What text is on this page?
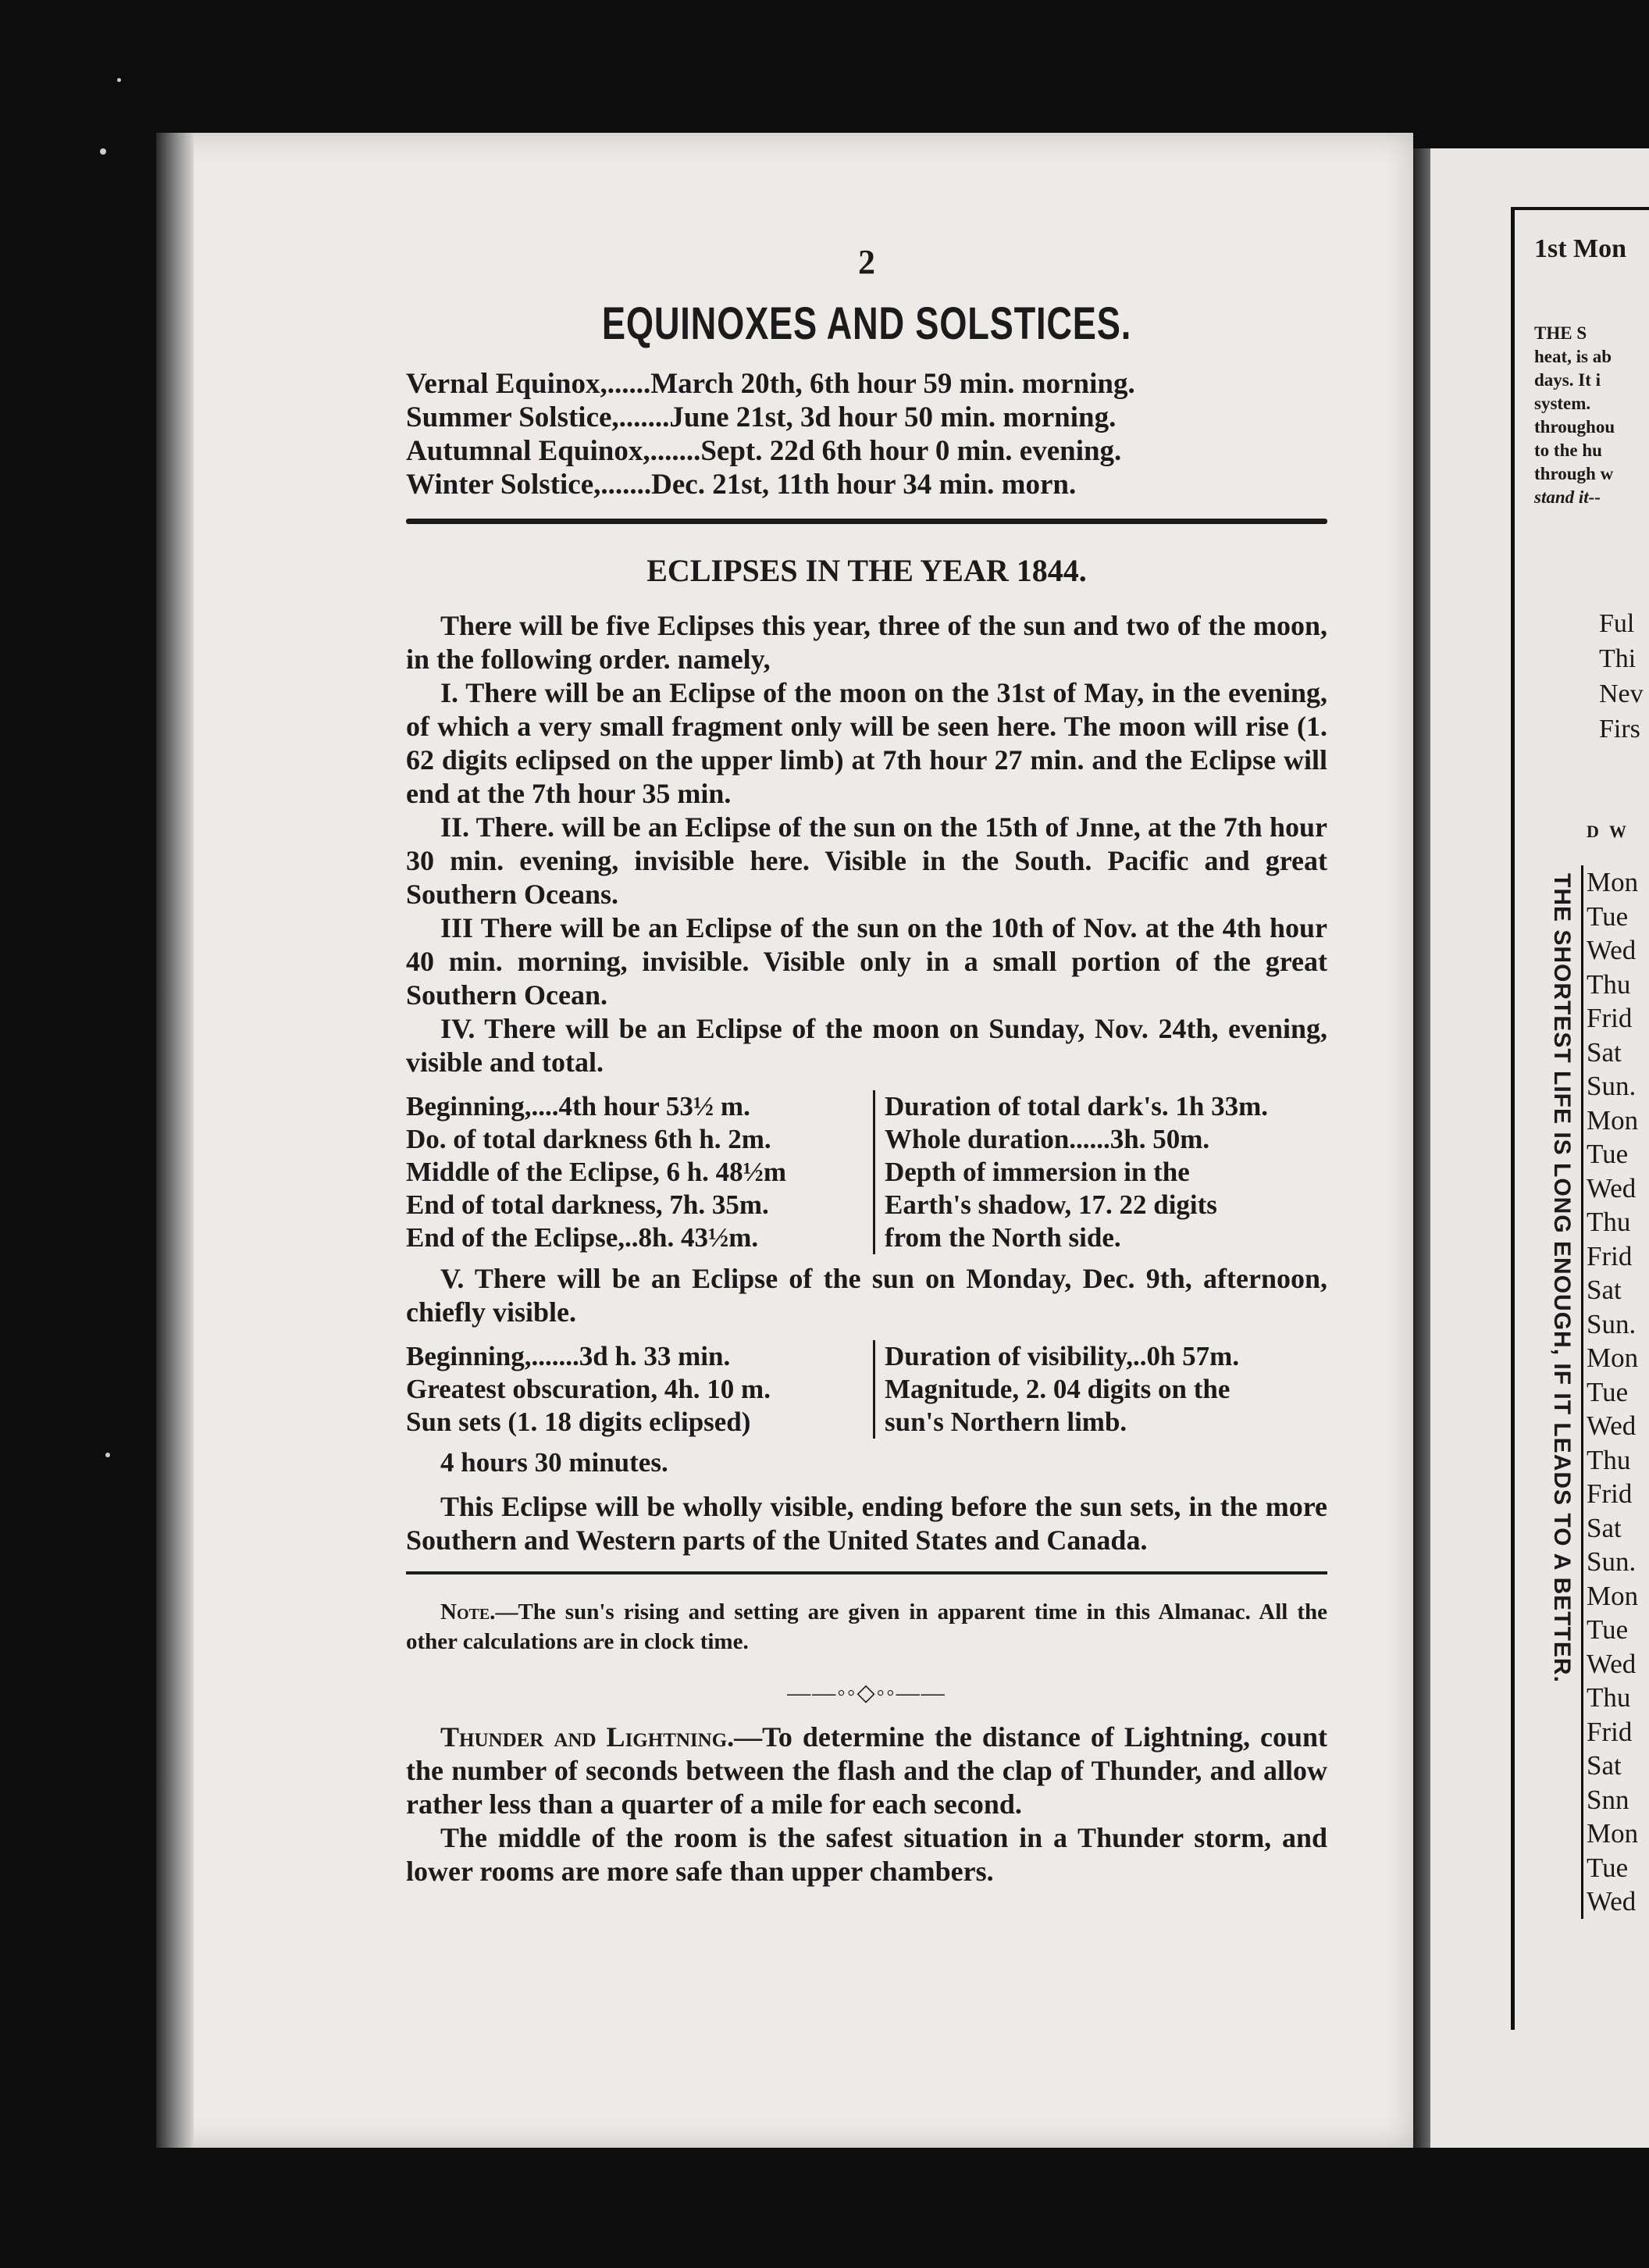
2
EQUINOXES AND SOLSTICES.
Vernal Equinox,......March 20th, 6th hour 59 min. morning.
Summer Solstice,.......June 21st, 3d hour 50 min. morning.
Autumnal Equinox,.......Sept. 22d 6th hour 0 min. evening.
Winter Solstice,.......Dec. 21st, 11th hour 34 min. morn.
ECLIPSES IN THE YEAR 1844.

There will be five Eclipses this year, three of the sun and two of the moon, in the following order. namely,

I. There will be an Eclipse of the moon on the 31st of May, in the evening, of which a very small fragment only will be seen here. The moon will rise (1. 62 digits eclipsed on the upper limb) at 7th hour 27 min. and the Eclipse will end at the 7th hour 35 min.

II. There. will be an Eclipse of the sun on the 15th of Jnne, at the 7th hour 30 min. evening, invisible here. Visible in the South. Pacific and great Southern Oceans.

III There will be an Eclipse of the sun on the 10th of Nov. at the 4th hour 40 min. morning, invisible. Visible only in a small portion of the great Southern Ocean.

IV. There will be an Eclipse of the moon on Sunday, Nov. 24th, evening, visible and total.

Beginning,....4th hour 53½ m.
Do. of total darkness 6th h. 2m.
Middle of the Eclipse, 6 h. 48½m
End of total darkness, 7h. 35m.
End of the Eclipse,..8h. 43½m.
Duration of total dark's. 1h 33m.
Whole duration......3h. 50m.
Depth of immersion in the
Earth's shadow, 17. 22 digits
from the North side.

V. There will be an Eclipse of the sun on Monday, Dec. 9th, afternoon, chiefly visible.

Beginning,.......3d h. 33 min.
Greatest obscuration, 4h. 10 m.
Sun sets (1. 18 digits eclipsed)
Duration of visibility,..0h 57m.
Magnitude, 2. 04 digits on the
sun's Northern limb.
4 hours 30 minutes.

This Eclipse will be wholly visible, ending before the sun sets, in the more Southern and Western parts of the United States and Canada.

Note.—The sun's rising and setting are given in apparent time in this Almanac. All the other calculations are in clock time.

——◦◦◇◦◦——

Thunder and Lightning.—To determine the distance of Lightning, count the number of seconds between the flash and the clap of Thunder, and allow rather less than a quarter of a mile for each second.

The middle of the room is the safest situation in a Thunder storm, and lower rooms are more safe than upper chambers.

1st Mon
THE S
heat, is ab
days. It i
system.
throughou
to the hu
through w
stand it--
Ful
Thi
Nev
Firs
D W
THE SHORTEST LIFE IS LONG ENOUGH, IF IT LEADS TO A BETTER. Mon
Tue
Wed
Thu
Frid
Sat
Sun.
Mon
Tue
Wed
Thu
Frid
Sat
Sun.
Mon
Tue
Wed
Thu
Frid
Sat
Sun.
Mon
Tue
Wed
Thu
Frid
Sat
Snn
Mon
Tue
Wed
